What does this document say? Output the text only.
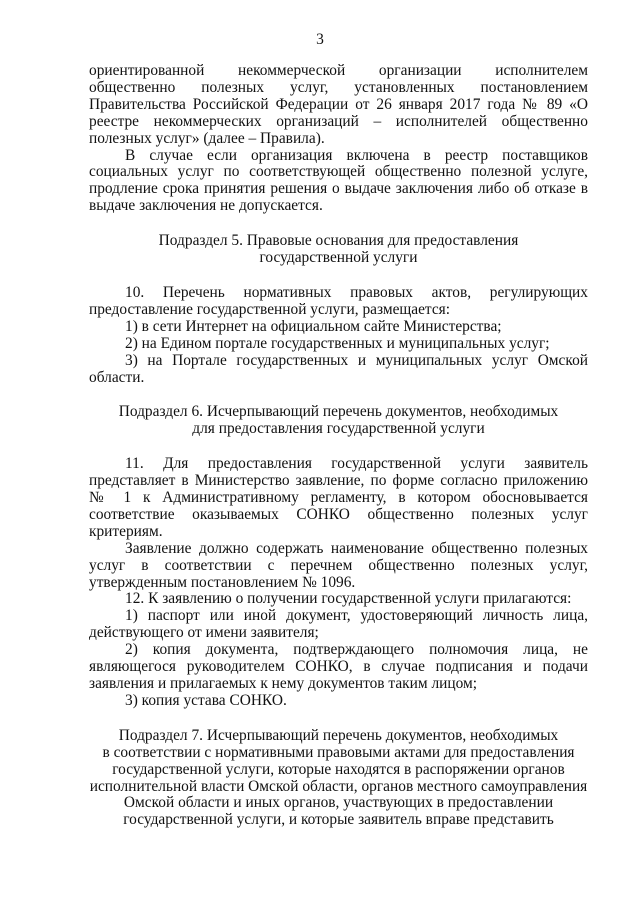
3

ориентированной некоммерческой организации исполнителем общественно полезных услуг, установленных постановлением Правительства Российской Федерации от 26 января 2017 года № 89 «О реестре некоммерческих организаций – исполнителей общественно полезных услуг» (далее – Правила).

В случае если организация включена в реестр поставщиков социальных услуг по соответствующей общественно полезной услуге, продление срока принятия решения о выдаче заключения либо об отказе в выдаче заключения не допускается.

Подраздел 5. Правовые основания для предоставления

государственной услуги

10. Перечень нормативных правовых актов, регулирующих предоставление государственной услуги, размещается:

1) в сети Интернет на официальном сайте Министерства;

2) на Едином портале государственных и муниципальных услуг;

3) на Портале государственных и муниципальных услуг Омской области.

Подраздел 6. Исчерпывающий перечень документов, необходимых

для предоставления государственной услуги

11. Для предоставления государственной услуги заявитель представляет в Министерство заявление, по форме согласно приложению № 1 к Административному регламенту, в котором обосновывается соответствие оказываемых СОНКО общественно полезных услуг критериям.

Заявление должно содержать наименование общественно полезных услуг в соответствии с перечнем общественно полезных услуг, утвержденным постановлением № 1096.

12. К заявлению о получении государственной услуги прилагаются:

1) паспорт или иной документ, удостоверяющий личность лица, действующего от имени заявителя;

2) копия документа, подтверждающего полномочия лица, не являющегося руководителем СОНКО, в случае подписания и подачи заявления и прилагаемых к нему документов таким лицом;

3) копия устава СОНКО.

Подраздел 7. Исчерпывающий перечень документов, необходимых

в соответствии с нормативными правовыми актами для предоставления

государственной услуги, которые находятся в распоряжении органов

исполнительной власти Омской области, органов местного самоуправления

Омской области и иных органов, участвующих в предоставлении

государственной услуги, и которые заявитель вправе представить
